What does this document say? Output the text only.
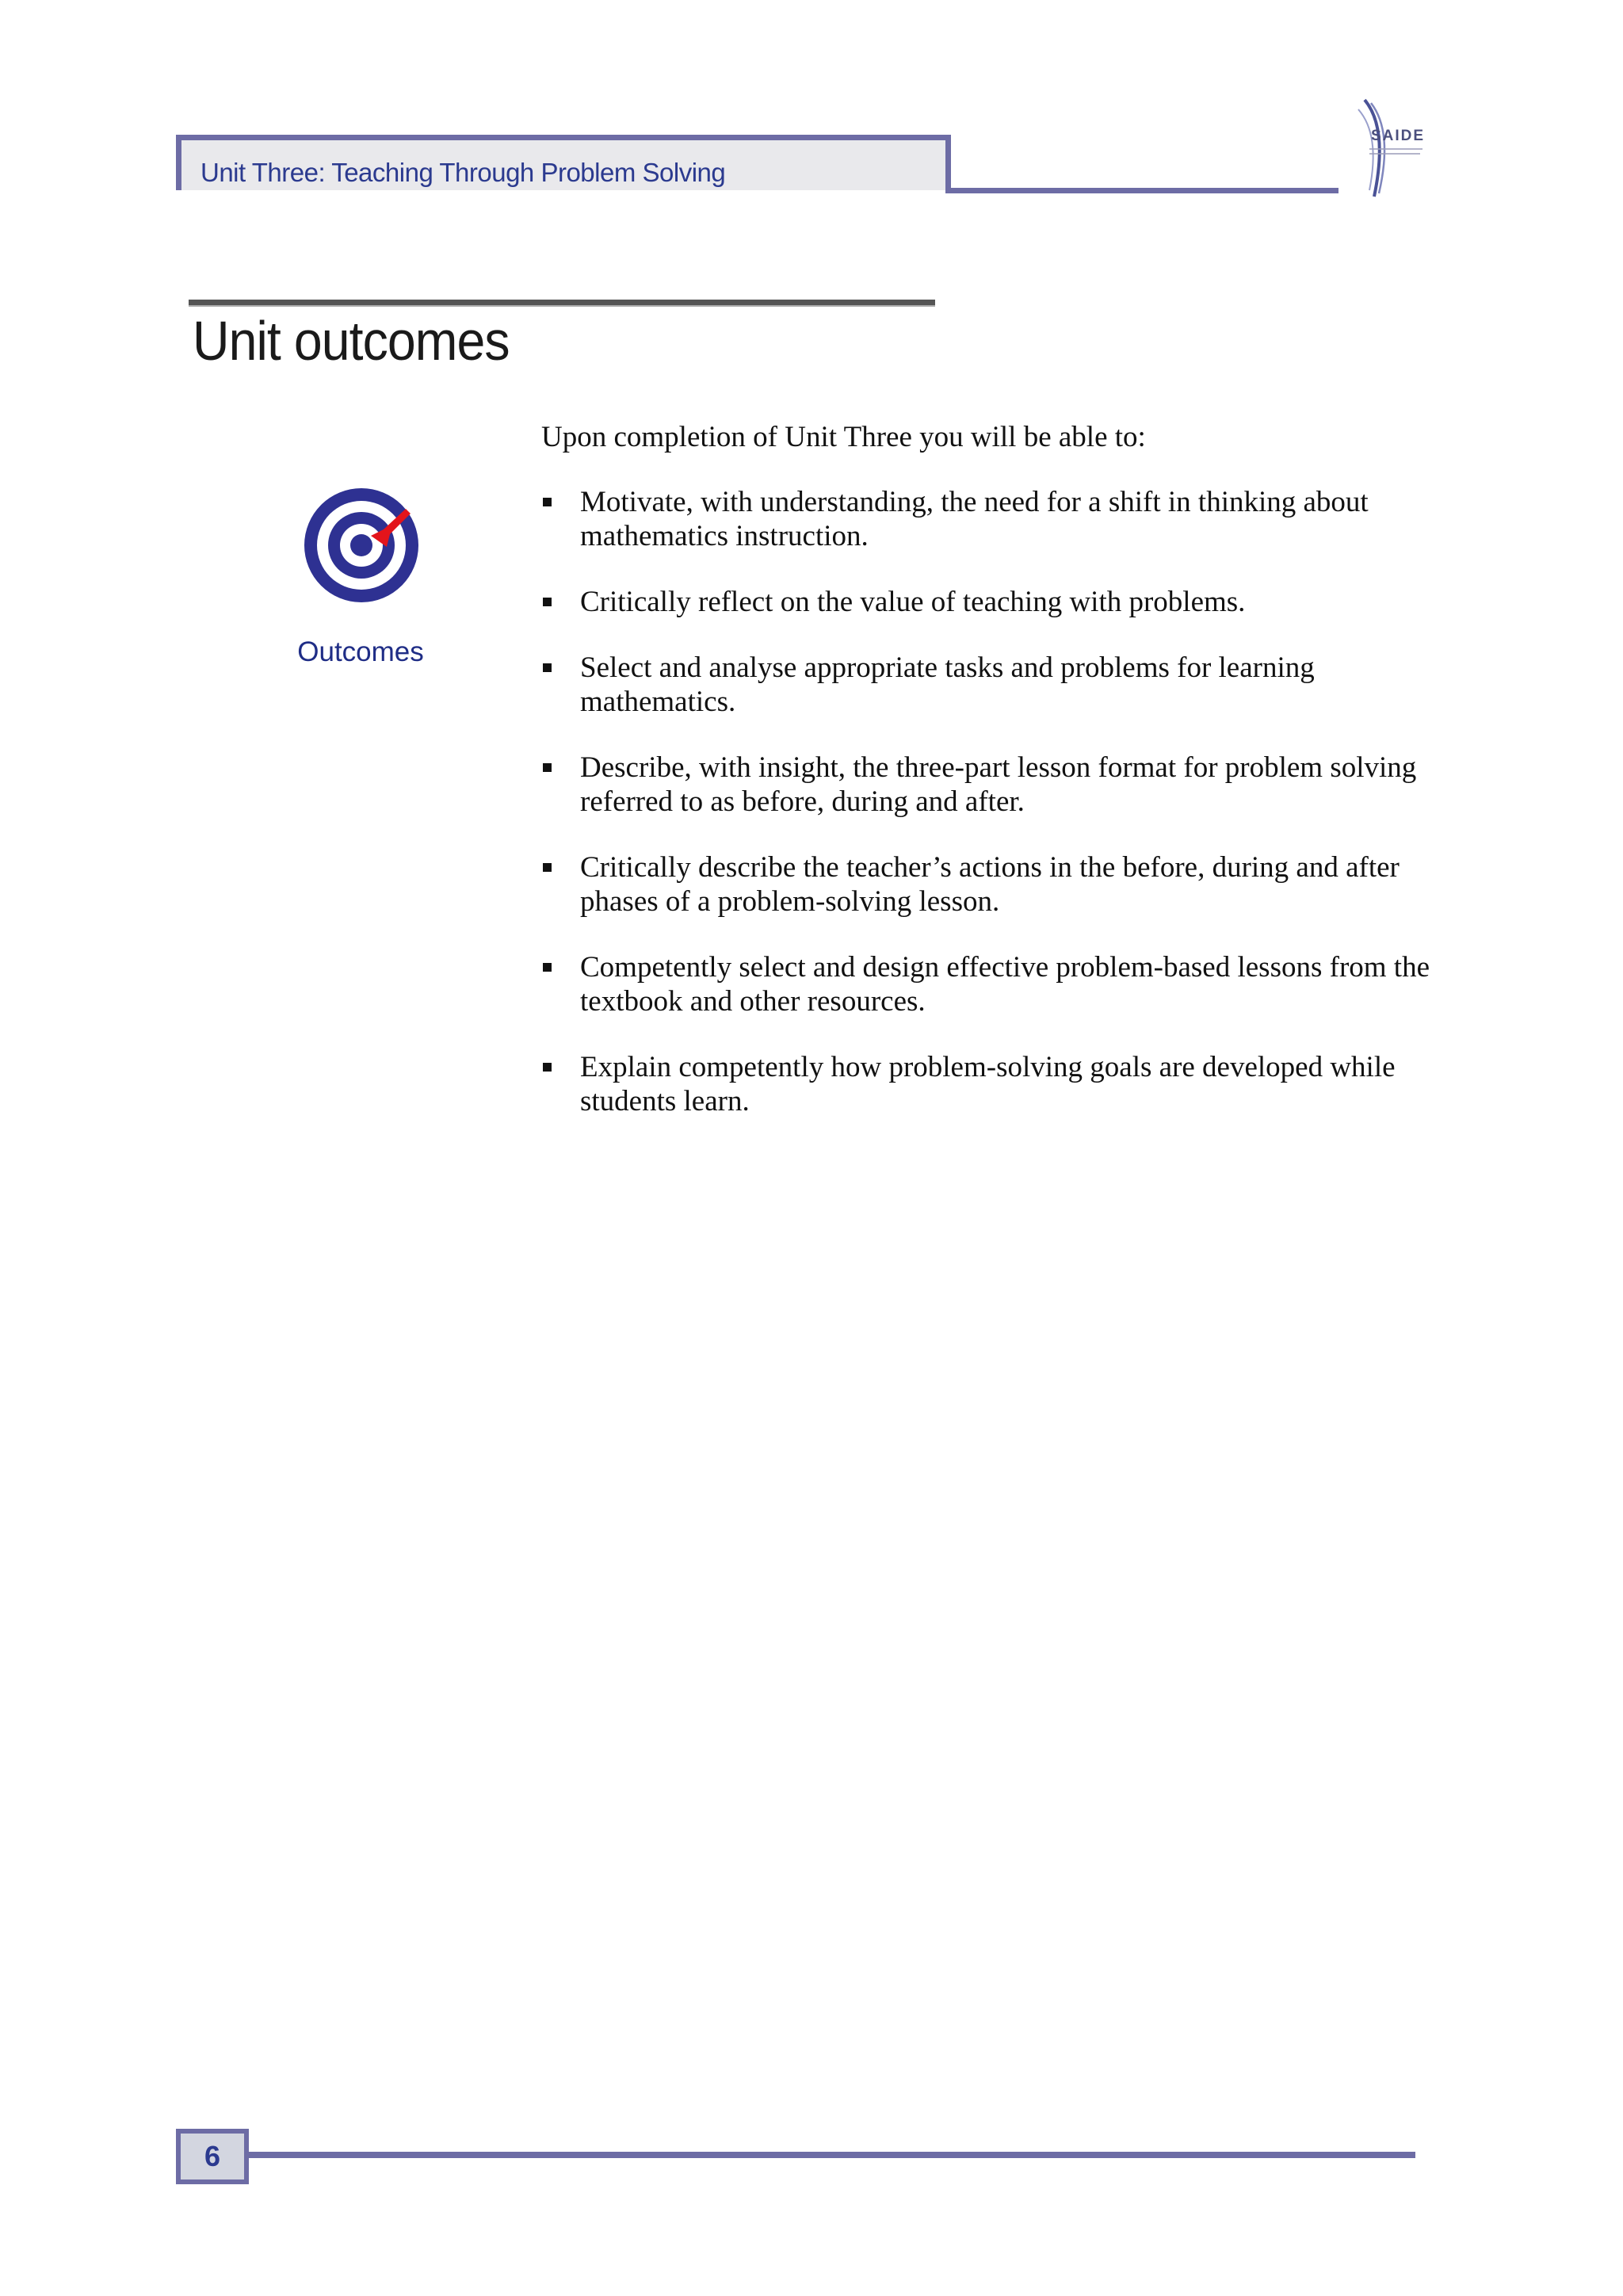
Unit Three: Teaching Through Problem Solving
SAIDE
Unit outcomes
Outcomes

Upon completion of Unit Three you will be able to:

Motivate, with understanding, the need for a shift in thinking about mathematics instruction.
Critically reflect on the value of teaching with problems.
Select and analyse appropriate tasks and problems for learning mathematics.
Describe, with insight, the three-part lesson format for problem solving referred to as before, during and after.
Critically describe the teacher’s actions in the before, during and after phases of a problem-solving lesson.
Competently select and design effective problem-based lessons from the textbook and other resources.
Explain competently how problem-solving goals are developed while students learn.
6
